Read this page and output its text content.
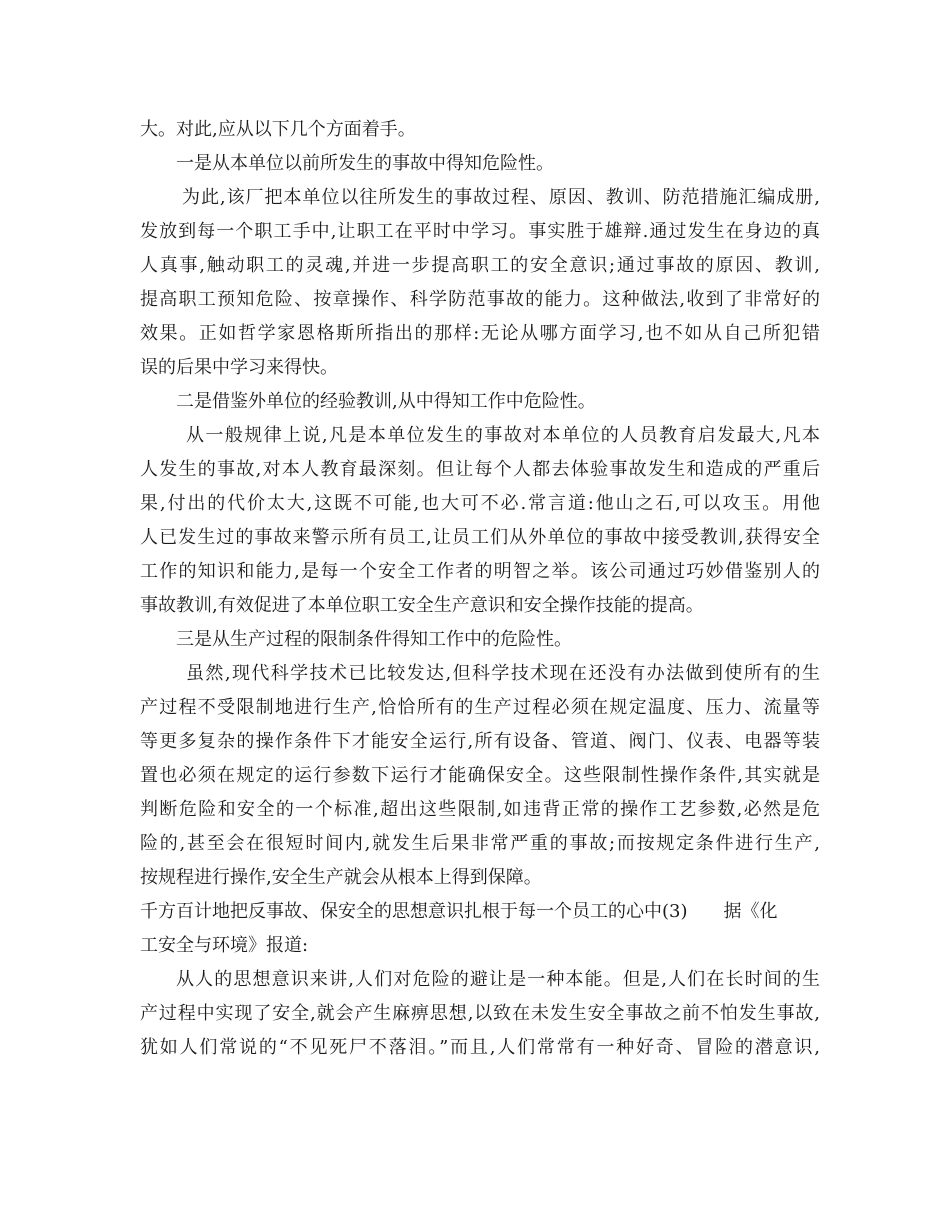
大。对此,应从以下几个方面着手。
一是从本单位以前所发生的事故中得知危险性。
为此,该厂把本单位以往所发生的事故过程、原因、教训、防范措施汇编成册,
发放到每一个职工手中,让职工在平时中学习。事实胜于雄辩.通过发生在身边的真
人真事,触动职工的灵魂,并进一步提高职工的安全意识;通过事故的原因、教训,
提高职工预知危险、按章操作、科学防范事故的能力。这种做法,收到了非常好的
效果。正如哲学家恩格斯所指出的那样:无论从哪方面学习,也不如从自己所犯错
误的后果中学习来得快。
二是借鉴外单位的经验教训,从中得知工作中危险性。
从一般规律上说,凡是本单位发生的事故对本单位的人员教育启发最大,凡本
人发生的事故,对本人教育最深刻。但让每个人都去体验事故发生和造成的严重后
果,付出的代价太大,这既不可能,也大可不必.常言道:他山之石,可以攻玉。用他
人已发生过的事故来警示所有员工,让员工们从外单位的事故中接受教训,获得安全
工作的知识和能力,是每一个安全工作者的明智之举。该公司通过巧妙借鉴别人的
事故教训,有效促进了本单位职工安全生产意识和安全操作技能的提高。
三是从生产过程的限制条件得知工作中的危险性。
虽然,现代科学技术已比较发达,但科学技术现在还没有办法做到使所有的生
产过程不受限制地进行生产,恰恰所有的生产过程必须在规定温度、压力、流量等
等更多复杂的操作条件下才能安全运行,所有设备、管道、阀门、仪表、电器等装
置也必须在规定的运行参数下运行才能确保安全。这些限制性操作条件,其实就是
判断危险和安全的一个标准,超出这些限制,如违背正常的操作工艺参数,必然是危
险的,甚至会在很短时间内,就发生后果非常严重的事故;而按规定条件进行生产,
按规程进行操作,安全生产就会从根本上得到保障。
千方百计地把反事故、保安全的思想意识扎根于每一个员工的心中(3)　　据《化
工安全与环境》报道:
从人的思想意识来讲,人们对危险的避让是一种本能。但是,人们在长时间的生
产过程中实现了安全,就会产生麻痹思想,以致在未发生安全事故之前不怕发生事故,
犹如人们常说的“不见死尸不落泪。”而且,人们常常有一种好奇、冒险的潜意识,
